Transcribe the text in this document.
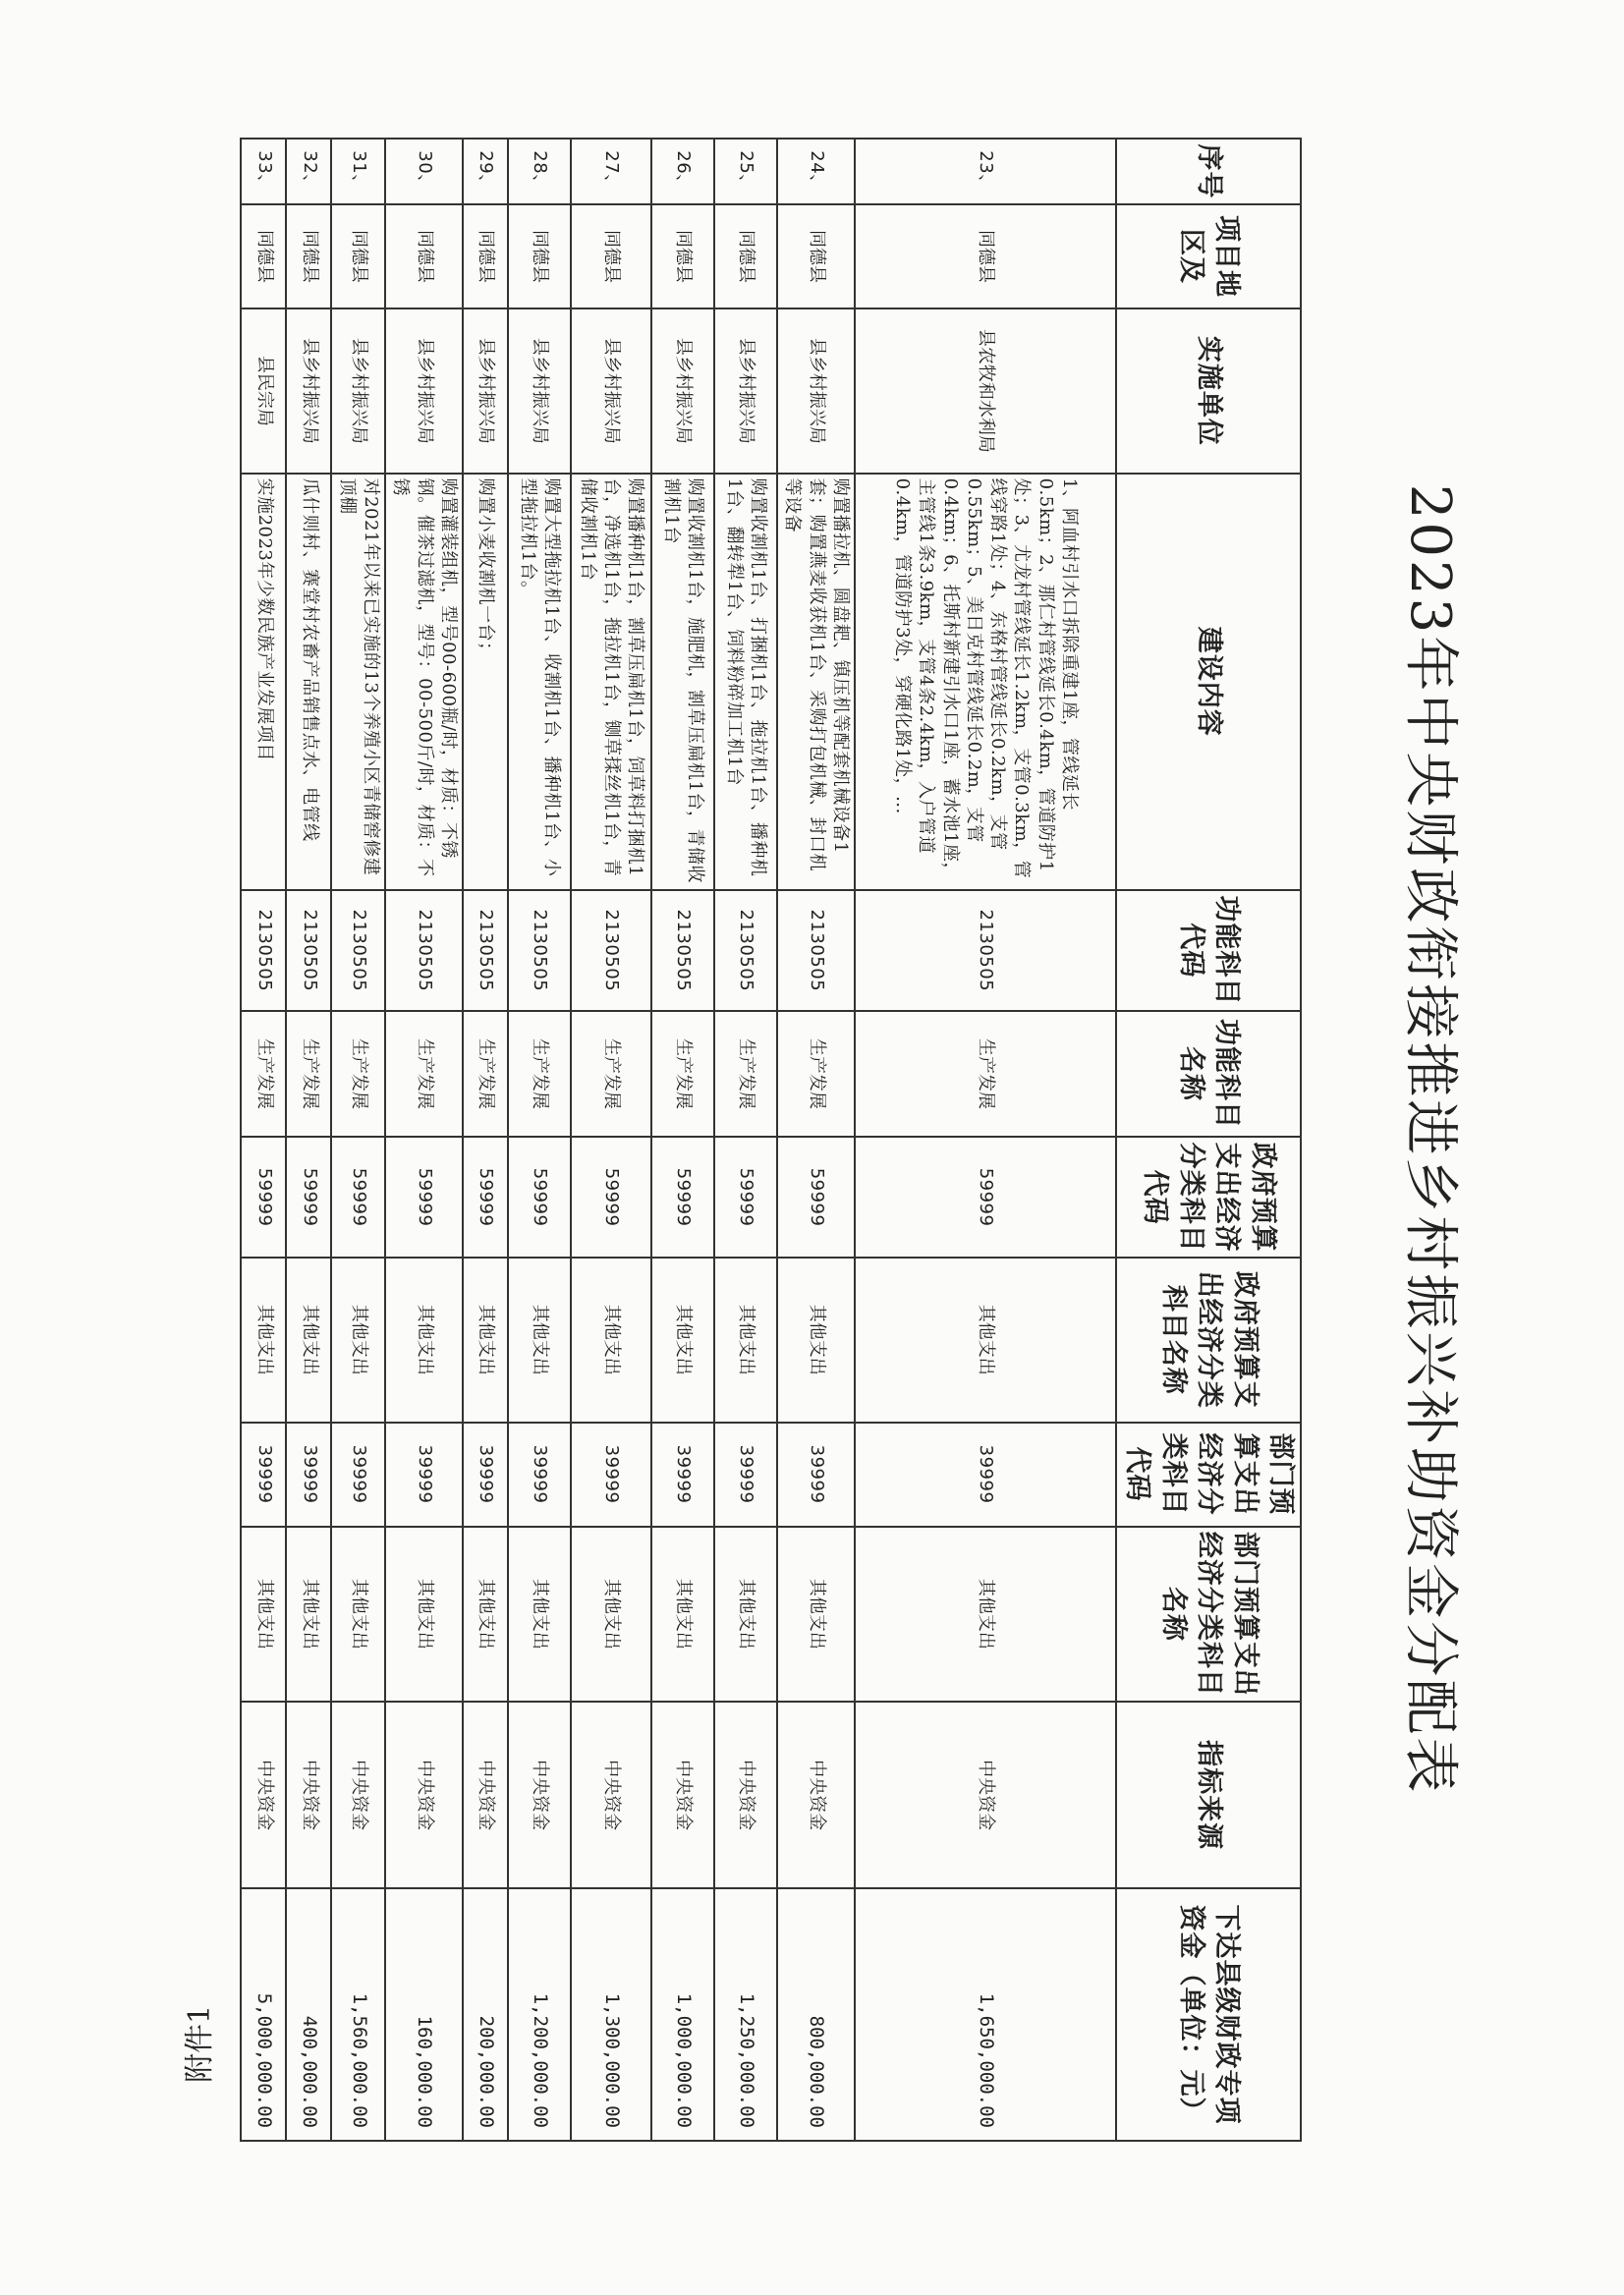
附件1
2023年中央财政衔接推进乡村振兴补助资金分配表
序号	项目地区及	实施单位	建设内容	功能科目代码	功能科目名称	政府预算支出经济分类科目代码	政府预算支出经济分类科目名称	部门预算支出经济分类科目代码	部门预算支出经济分类科目名称	指标来源	下达县级财政专项资金（单位：元）
23、	同德县	县农牧和水利局	1、阿血村引水口拆除重建1座，管线延长0.5km；2、那仁村管线延长0.4km，管道防护1处；3、尤龙村管线延长1.2km，支管0.3km，管线穿路1处；4、东格村管线延长0.2km，支管0.55km；5、美日克村管线延长0.2m，支管0.4km；6、托斯村新建引水口1座，蓄水池1座，主管线1条3.9km，支管4条2.4km，入户管道0.4km，管道防护3处，穿硬化路1处，...	2130505	生产发展	59999	其他支出	39999	其他支出	中央资金	1,650,000.00
24、	同德县	县乡村振兴局	购置播拉机、圆盘耙、镇压机等配套机械设备1套；购置燕麦收获机1台、采购打包机械、封口机等设备	2130505	生产发展	59999	其他支出	39999	其他支出	中央资金	800,000.00
25、	同德县	县乡村振兴局	购置收割机1台、打捆机1台、拖拉机1台、播种机1台、翻转犁1台、饲料粉碎加工机1台	2130505	生产发展	59999	其他支出	39999	其他支出	中央资金	1,250,000.00
26、	同德县	县乡村振兴局	购置收割机1台，施肥机，割草压扁机1台，青储收割机1台	2130505	生产发展	59999	其他支出	39999	其他支出	中央资金	1,000,000.00
27、	同德县	县乡村振兴局	购置播种机1台，割草压扁机1台，饲草料打捆机1台，净选机1台，拖拉机1台，铡草揉丝机1台，青储收割机1台	2130505	生产发展	59999	其他支出	39999	其他支出	中央资金	1,300,000.00
28、	同德县	县乡村振兴局	购置大型拖拉机1台、收割机1台、播种机1台、小型拖拉机1台。	2130505	生产发展	59999	其他支出	39999	其他支出	中央资金	1,200,000.00
29、	同德县	县乡村振兴局	购置小麦收割机一台；	2130505	生产发展	59999	其他支出	39999	其他支出	中央资金	200,000.00
30、	同德县	县乡村振兴局	购置灌装组机，型号00-600瓶/时，材质：不锈钢。催茶过滤机，型号：00-500斤/时，材质：不锈	2130505	生产发展	59999	其他支出	39999	其他支出	中央资金	160,000.00
31、	同德县	县乡村振兴局	对2021年以来已实施的13个养殖小区青储窖修建顶棚	2130505	生产发展	59999	其他支出	39999	其他支出	中央资金	1,560,000.00
32、	同德县	县乡村振兴局	瓜什则村、赛堂村农畜产品销售点水、电管线	2130505	生产发展	59999	其他支出	39999	其他支出	中央资金	400,000.00
33、	同德县	县民宗局	实施2023年少数民族产业发展项目	2130505	生产发展	59999	其他支出	39999	其他支出	中央资金	5,000,000.00
